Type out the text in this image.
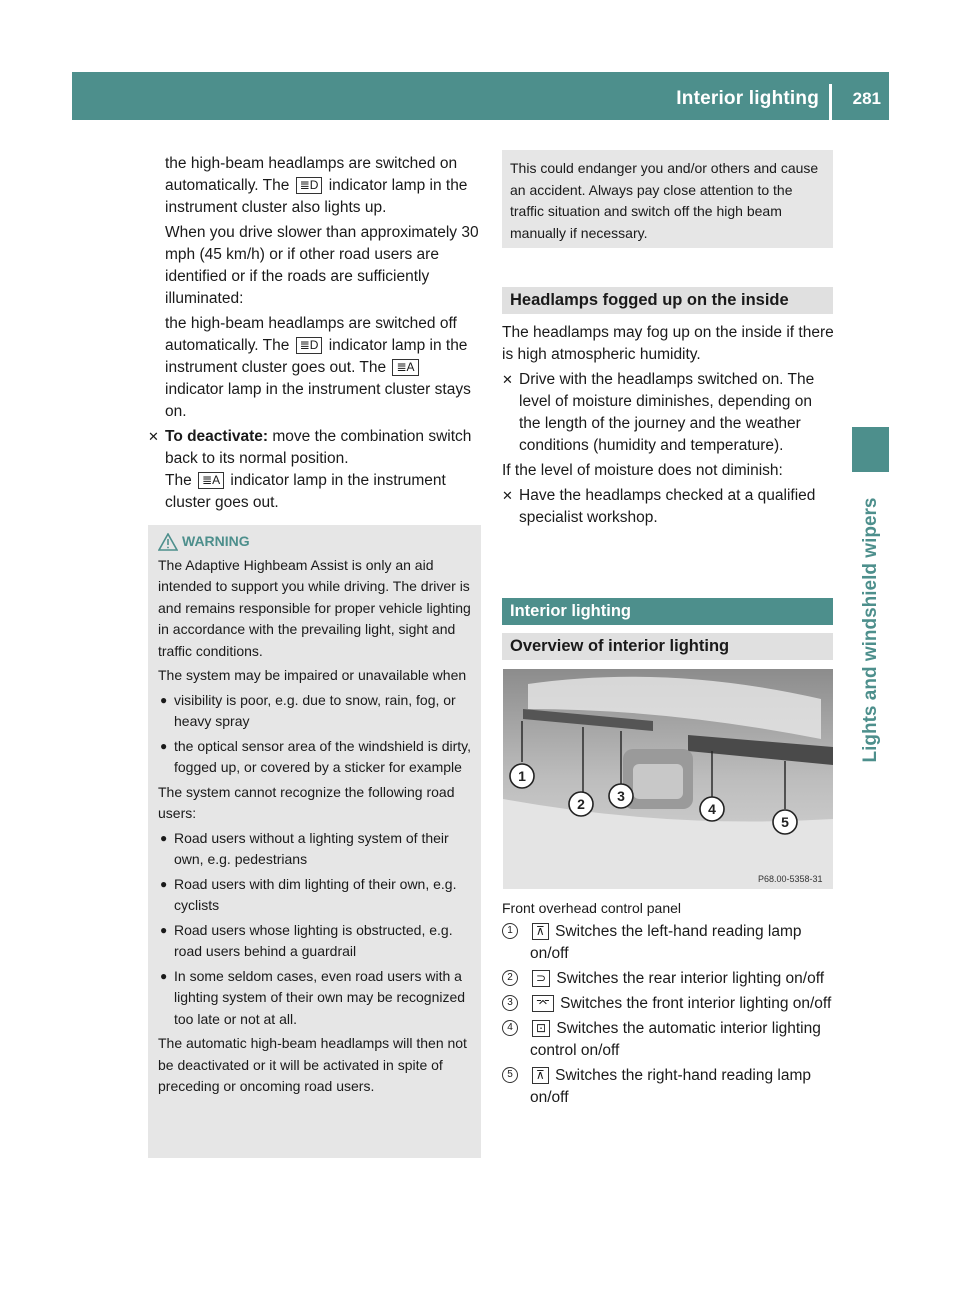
Interior lighting 281
Lights and windshield wipers
the high-beam headlamps are switched on automatically. The ≣D indicator lamp in the instrument cluster also lights up.
When you drive slower than approximately 30 mph (45 km/h) or if other road users are identified or if the roads are sufficiently illuminated:
the high-beam headlamps are switched off automatically. The ≣D indicator lamp in the instrument cluster goes out. The ≣A indicator lamp in the instrument cluster stays on.
✕ To deactivate: move the combination switch back to its normal position.
The ≣A indicator lamp in the instrument cluster goes out.
WARNING
The Adaptive Highbeam Assist is only an aid intended to support you while driving. The driver is and remains responsible for proper vehicle lighting in accordance with the prevailing light, sight and traffic conditions.
The system may be impaired or unavailable when
● visibility is poor, e.g. due to snow, rain, fog, or heavy spray
● the optical sensor area of the windshield is dirty, fogged up, or covered by a sticker for example
The system cannot recognize the following road users:
● Road users without a lighting system of their own, e.g. pedestrians
● Road users with dim lighting of their own, e.g. cyclists
● Road users whose lighting is obstructed, e.g. road users behind a guardrail
● In some seldom cases, even road users with a lighting system of their own may be recognized too late or not at all.
The automatic high-beam headlamps will then not be deactivated or it will be activated in spite of preceding or oncoming road users.
This could endanger you and/or others and cause an accident. Always pay close attention to the traffic situation and switch off the high beam manually if necessary.
Headlamps fogged up on the inside
The headlamps may fog up on the inside if there is high atmospheric humidity.
✕ Drive with the headlamps switched on. The level of moisture diminishes, depending on the length of the journey and the weather conditions (humidity and temperature).
If the level of moisture does not diminish:
✕ Have the headlamps checked at a qualified specialist workshop.
Interior lighting
Overview of interior lighting
1
2 3
4
5
P68.00-5358-31
Front overhead control panel
1	⊼ Switches the left-hand reading lamp on/off
2	⊃ Switches the rear interior lighting on/off
3	⌤ Switches the front interior lighting on/off
4	⊡ Switches the automatic interior lighting control on/off
5	⊼ Switches the right-hand reading lamp on/off
